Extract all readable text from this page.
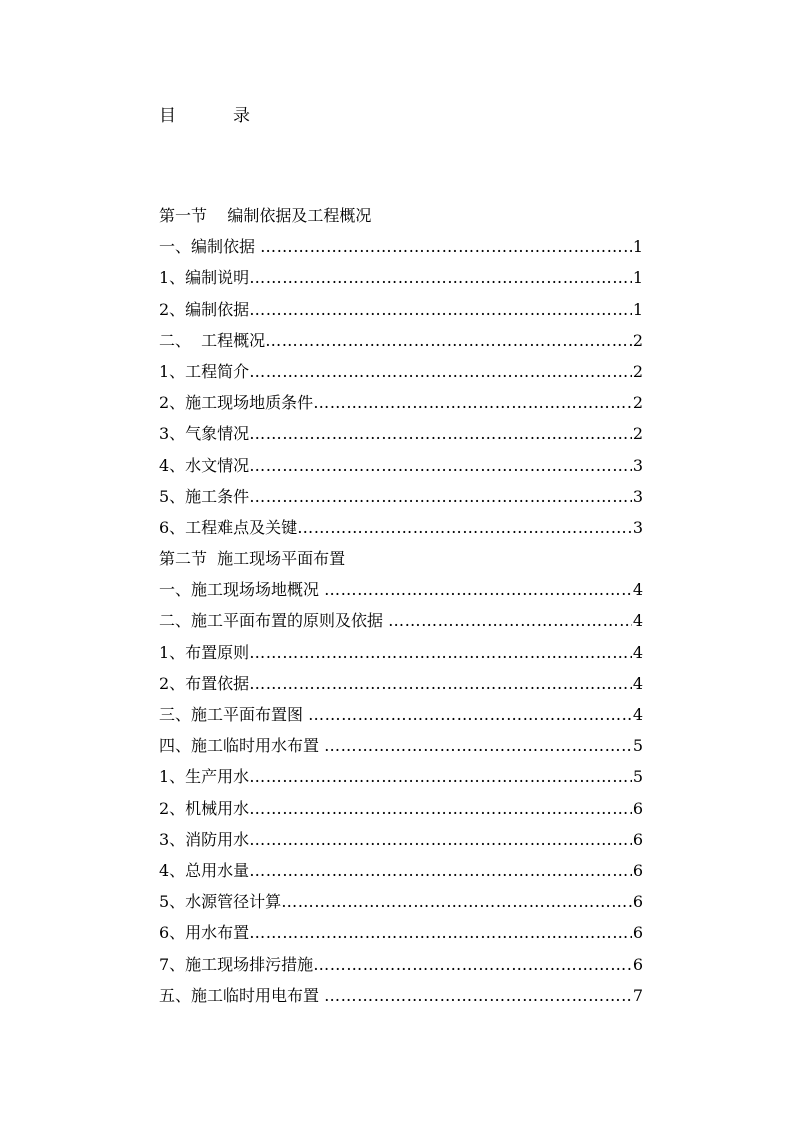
目	录
第一节    编制依据及工程概况
一、编制依据 ……………………………………………………………………………………………………………………………………	1
1、编制说明 ……………………………………………………………………………………………………………………………………	1
2、编制依据 ……………………………………………………………………………………………………………………………………	1
二、  工程概况 ……………………………………………………………………………………………………………………………………	2
1、工程简介 ……………………………………………………………………………………………………………………………………	2
2、施工现场地质条件 ……………………………………………………………………………………………………………………………………	2
3、气象情况 ……………………………………………………………………………………………………………………………………	2
4、水文情况 ……………………………………………………………………………………………………………………………………	3
5、施工条件 ……………………………………………………………………………………………………………………………………	3
6、工程难点及关键 ……………………………………………………………………………………………………………………………………	3
第二节  施工现场平面布置
一、施工现场场地概况 ……………………………………………………………………………………………………………………………………	4
二、施工平面布置的原则及依据 ……………………………………………………………………………………………………………………………………	4
1、布置原则 ……………………………………………………………………………………………………………………………………	4
2、布置依据 ……………………………………………………………………………………………………………………………………	4
三、施工平面布置图 ……………………………………………………………………………………………………………………………………	4
四、施工临时用水布置 ……………………………………………………………………………………………………………………………………	5
1、生产用水 ……………………………………………………………………………………………………………………………………	5
2、机械用水 ……………………………………………………………………………………………………………………………………	6
3、消防用水 ……………………………………………………………………………………………………………………………………	6
4、总用水量 ……………………………………………………………………………………………………………………………………	6
5、水源管径计算 ……………………………………………………………………………………………………………………………………	6
6、用水布置 ……………………………………………………………………………………………………………………………………	6
7、施工现场排污措施 ……………………………………………………………………………………………………………………………………	6
五、施工临时用电布置 ……………………………………………………………………………………………………………………………………	7
